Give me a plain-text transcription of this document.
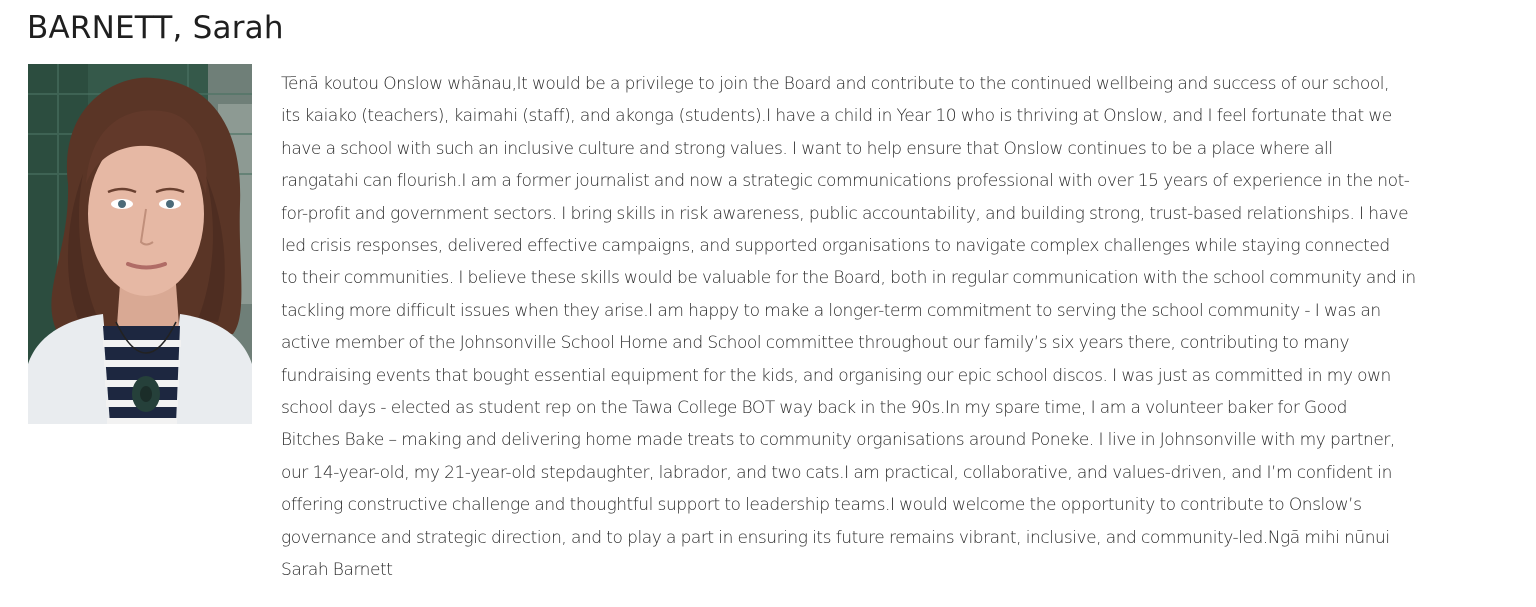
BARNETT, Sarah

Tēnā koutou Onslow whānau,It would be a privilege to join the Board and contribute to the continued wellbeing and success of our school,
its kaiako (teachers), kaimahi (staff), and akonga (students).I have a child in Year 10 who is thriving at Onslow, and I feel fortunate that we
have a school with such an inclusive culture and strong values. I want to help ensure that Onslow continues to be a place where all
rangatahi can flourish.I am a former journalist and now a strategic communications professional with over 15 years of experience in the not-
for-profit and government sectors. I bring skills in risk awareness, public accountability, and building strong, trust-based relationships. I have
led crisis responses, delivered effective campaigns, and supported organisations to navigate complex challenges while staying connected
to their communities. I believe these skills would be valuable for the Board, both in regular communication with the school community and in
tackling more difficult issues when they arise.I am happy to make a longer-term commitment to serving the school community - I was an
active member of the Johnsonville School Home and School committee throughout our family’s six years there, contributing to many
fundraising events that bought essential equipment for the kids, and organising our epic school discos. I was just as committed in my own
school days - elected as student rep on the Tawa College BOT way back in the 90s.In my spare time, I am a volunteer baker for Good
Bitches Bake – making and delivering home made treats to community organisations around Poneke. I live in Johnsonville with my partner,
our 14-year-old, my 21-year-old stepdaughter, labrador, and two cats.I am practical, collaborative, and values-driven, and I’m confident in
offering constructive challenge and thoughtful support to leadership teams.I would welcome the opportunity to contribute to Onslow’s
governance and strategic direction, and to play a part in ensuring its future remains vibrant, inclusive, and community-led.Ngā mihi nūnui
Sarah Barnett
